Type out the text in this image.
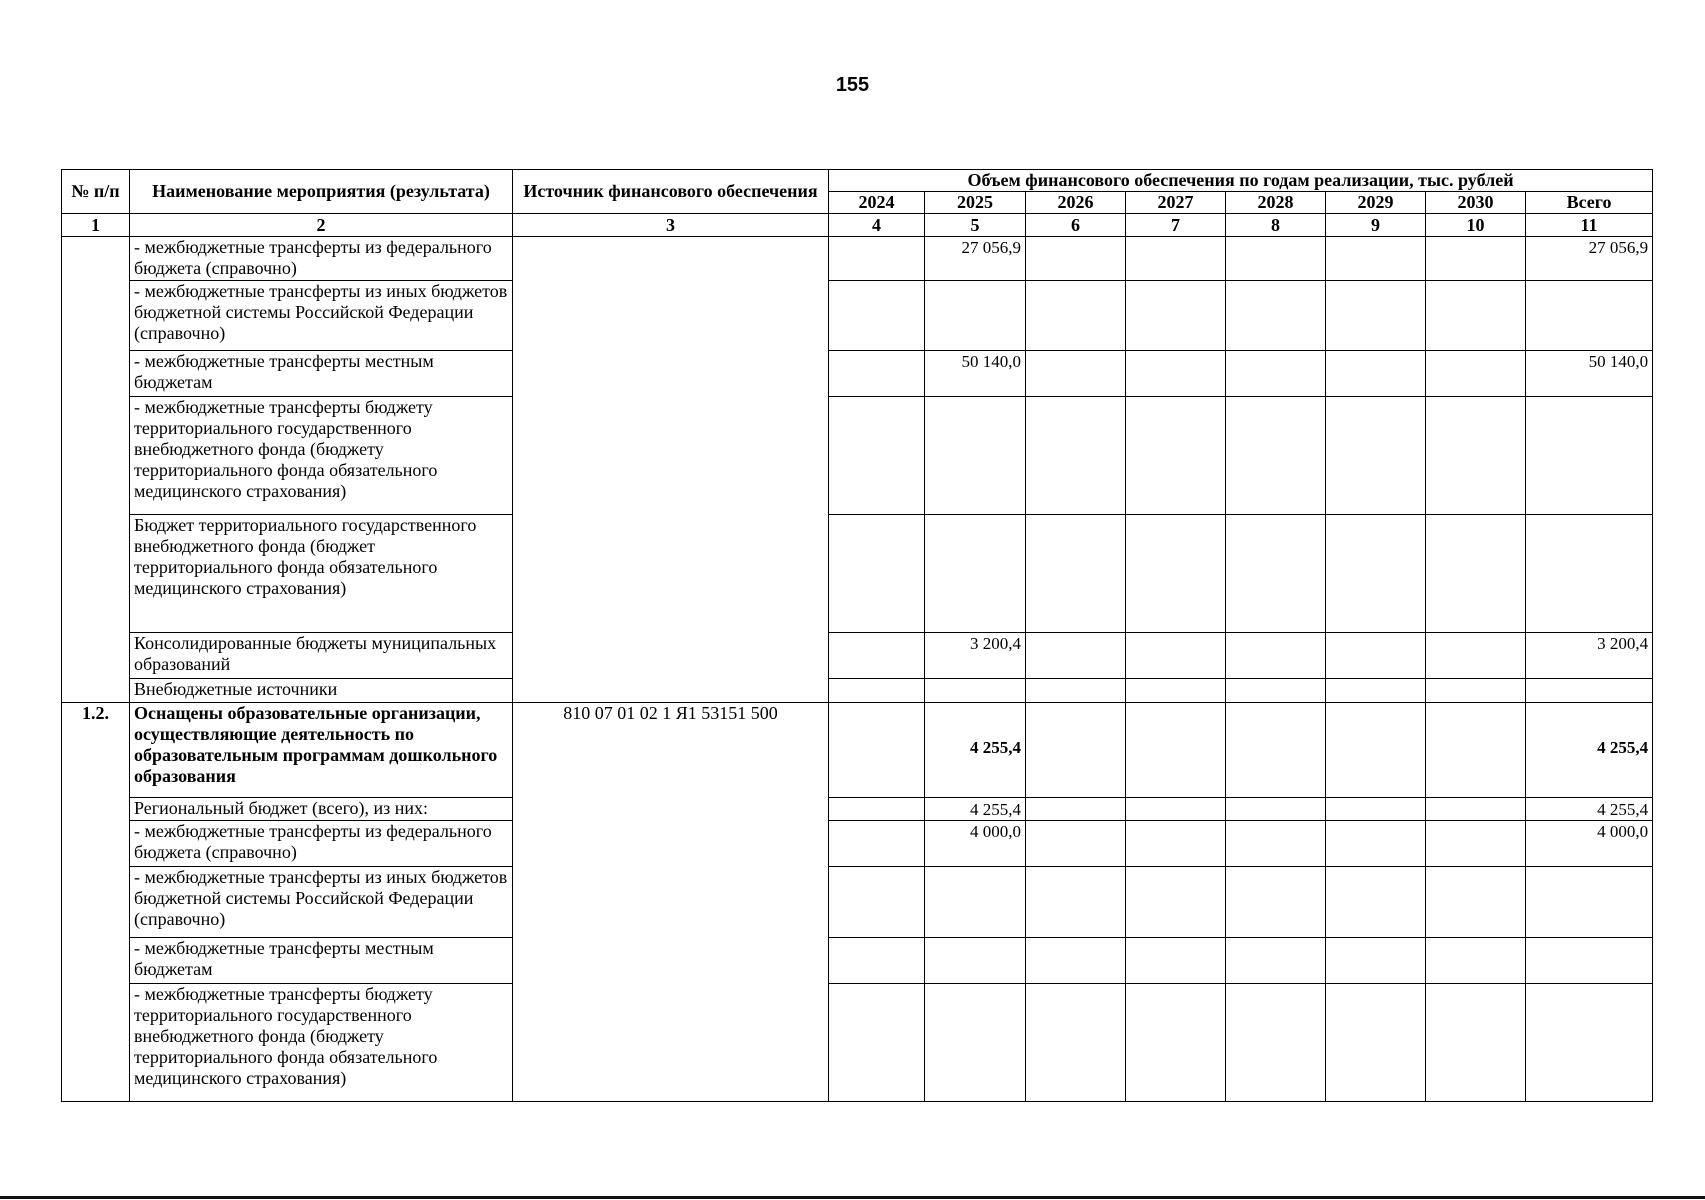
155
№ п/п	Наименование мероприятия (результата)	Источник финансового обеспечения	Объем финансового обеспечения по годам реализации, тыс. рублей							
			2024	2025	2026	2027	2028	2029	2030	Всего
1	2	3	4	5	6	7	8	9	10	11
	- межбюджетные трансферты из федерального бюджета (справочно)			27 056,9						27 056,9
	- межбюджетные трансферты из иных бюджетов бюджетной системы Российской Федерации (справочно)									
	- межбюджетные трансферты местным бюджетам			50 140,0						50 140,0
	- межбюджетные трансферты бюджету территориального государственного внебюджетного фонда (бюджету территориального фонда обязательного медицинского страхования)									
	Бюджет территориального государственного внебюджетного фонда (бюджет территориального фонда обязательного медицинского страхования)									
	Консолидированные бюджеты муниципальных образований			3 200,4						3 200,4
	Внебюджетные источники									
1.2.	Оснащены образовательные организации, осуществляющие деятельность по образовательным программам дошкольного образования	810 07 01 02 1 Я1 53151 500		4 255,4						4 255,4
	Региональный бюджет (всего), из них:			4 255,4						4 255,4
	- межбюджетные трансферты из федерального бюджета (справочно)			4 000,0						4 000,0
	- межбюджетные трансферты из иных бюджетов бюджетной системы Российской Федерации (справочно)									
	- межбюджетные трансферты местным бюджетам									
	- межбюджетные трансферты бюджету территориального государственного внебюджетного фонда (бюджету территориального фонда обязательного медицинского страхования)									
